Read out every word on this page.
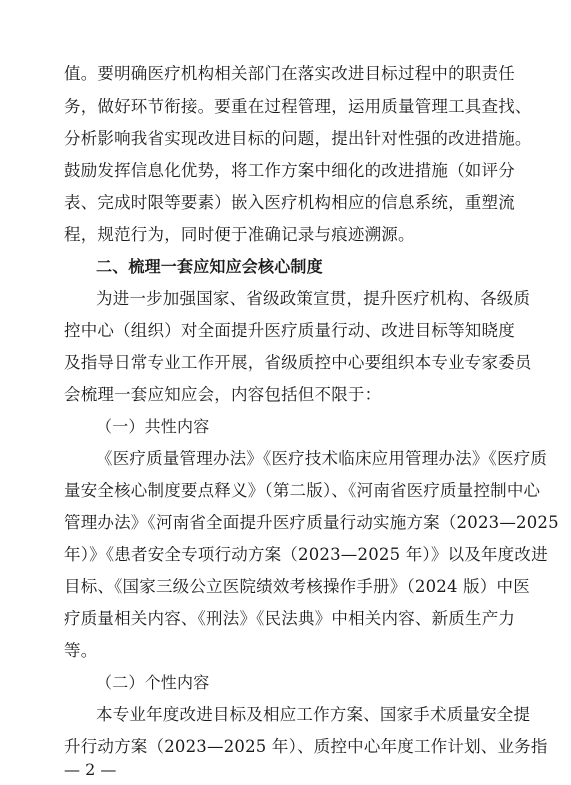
值。要明确医疗机构相关部门在落实改进目标过程中的职责任
务，做好环节衔接。要重在过程管理，运用质量管理工具查找、
分析影响我省实现改进目标的问题，提出针对性强的改进措施。
鼓励发挥信息化优势，将工作方案中细化的改进措施（如评分
表、完成时限等要素）嵌入医疗机构相应的信息系统，重塑流
程，规范行为，同时便于准确记录与痕迹溯源。
二、梳理一套应知应会核心制度
为进一步加强国家、省级政策宣贯，提升医疗机构、各级质
控中心（组织）对全面提升医疗质量行动、改进目标等知晓度
及指导日常专业工作开展，省级质控中心要组织本专业专家委员
会梳理一套应知应会，内容包括但不限于：
（一）共性内容
《医疗质量管理办法》《医疗技术临床应用管理办法》《医疗质
量安全核心制度要点释义》（第二版）、《河南省医疗质量控制中心
管理办法》《河南省全面提升医疗质量行动实施方案（2023—2025
年）》《患者安全专项行动方案（2023—2025 年）》以及年度改进
目标、《国家三级公立医院绩效考核操作手册》（2024 版）中医
疗质量相关内容、《刑法》《民法典》中相关内容、新质生产力
等。
（二）个性内容
本专业年度改进目标及相应工作方案、国家手术质量安全提
升行动方案（2023—2025 年）、质控中心年度工作计划、业务指
— 2 —
